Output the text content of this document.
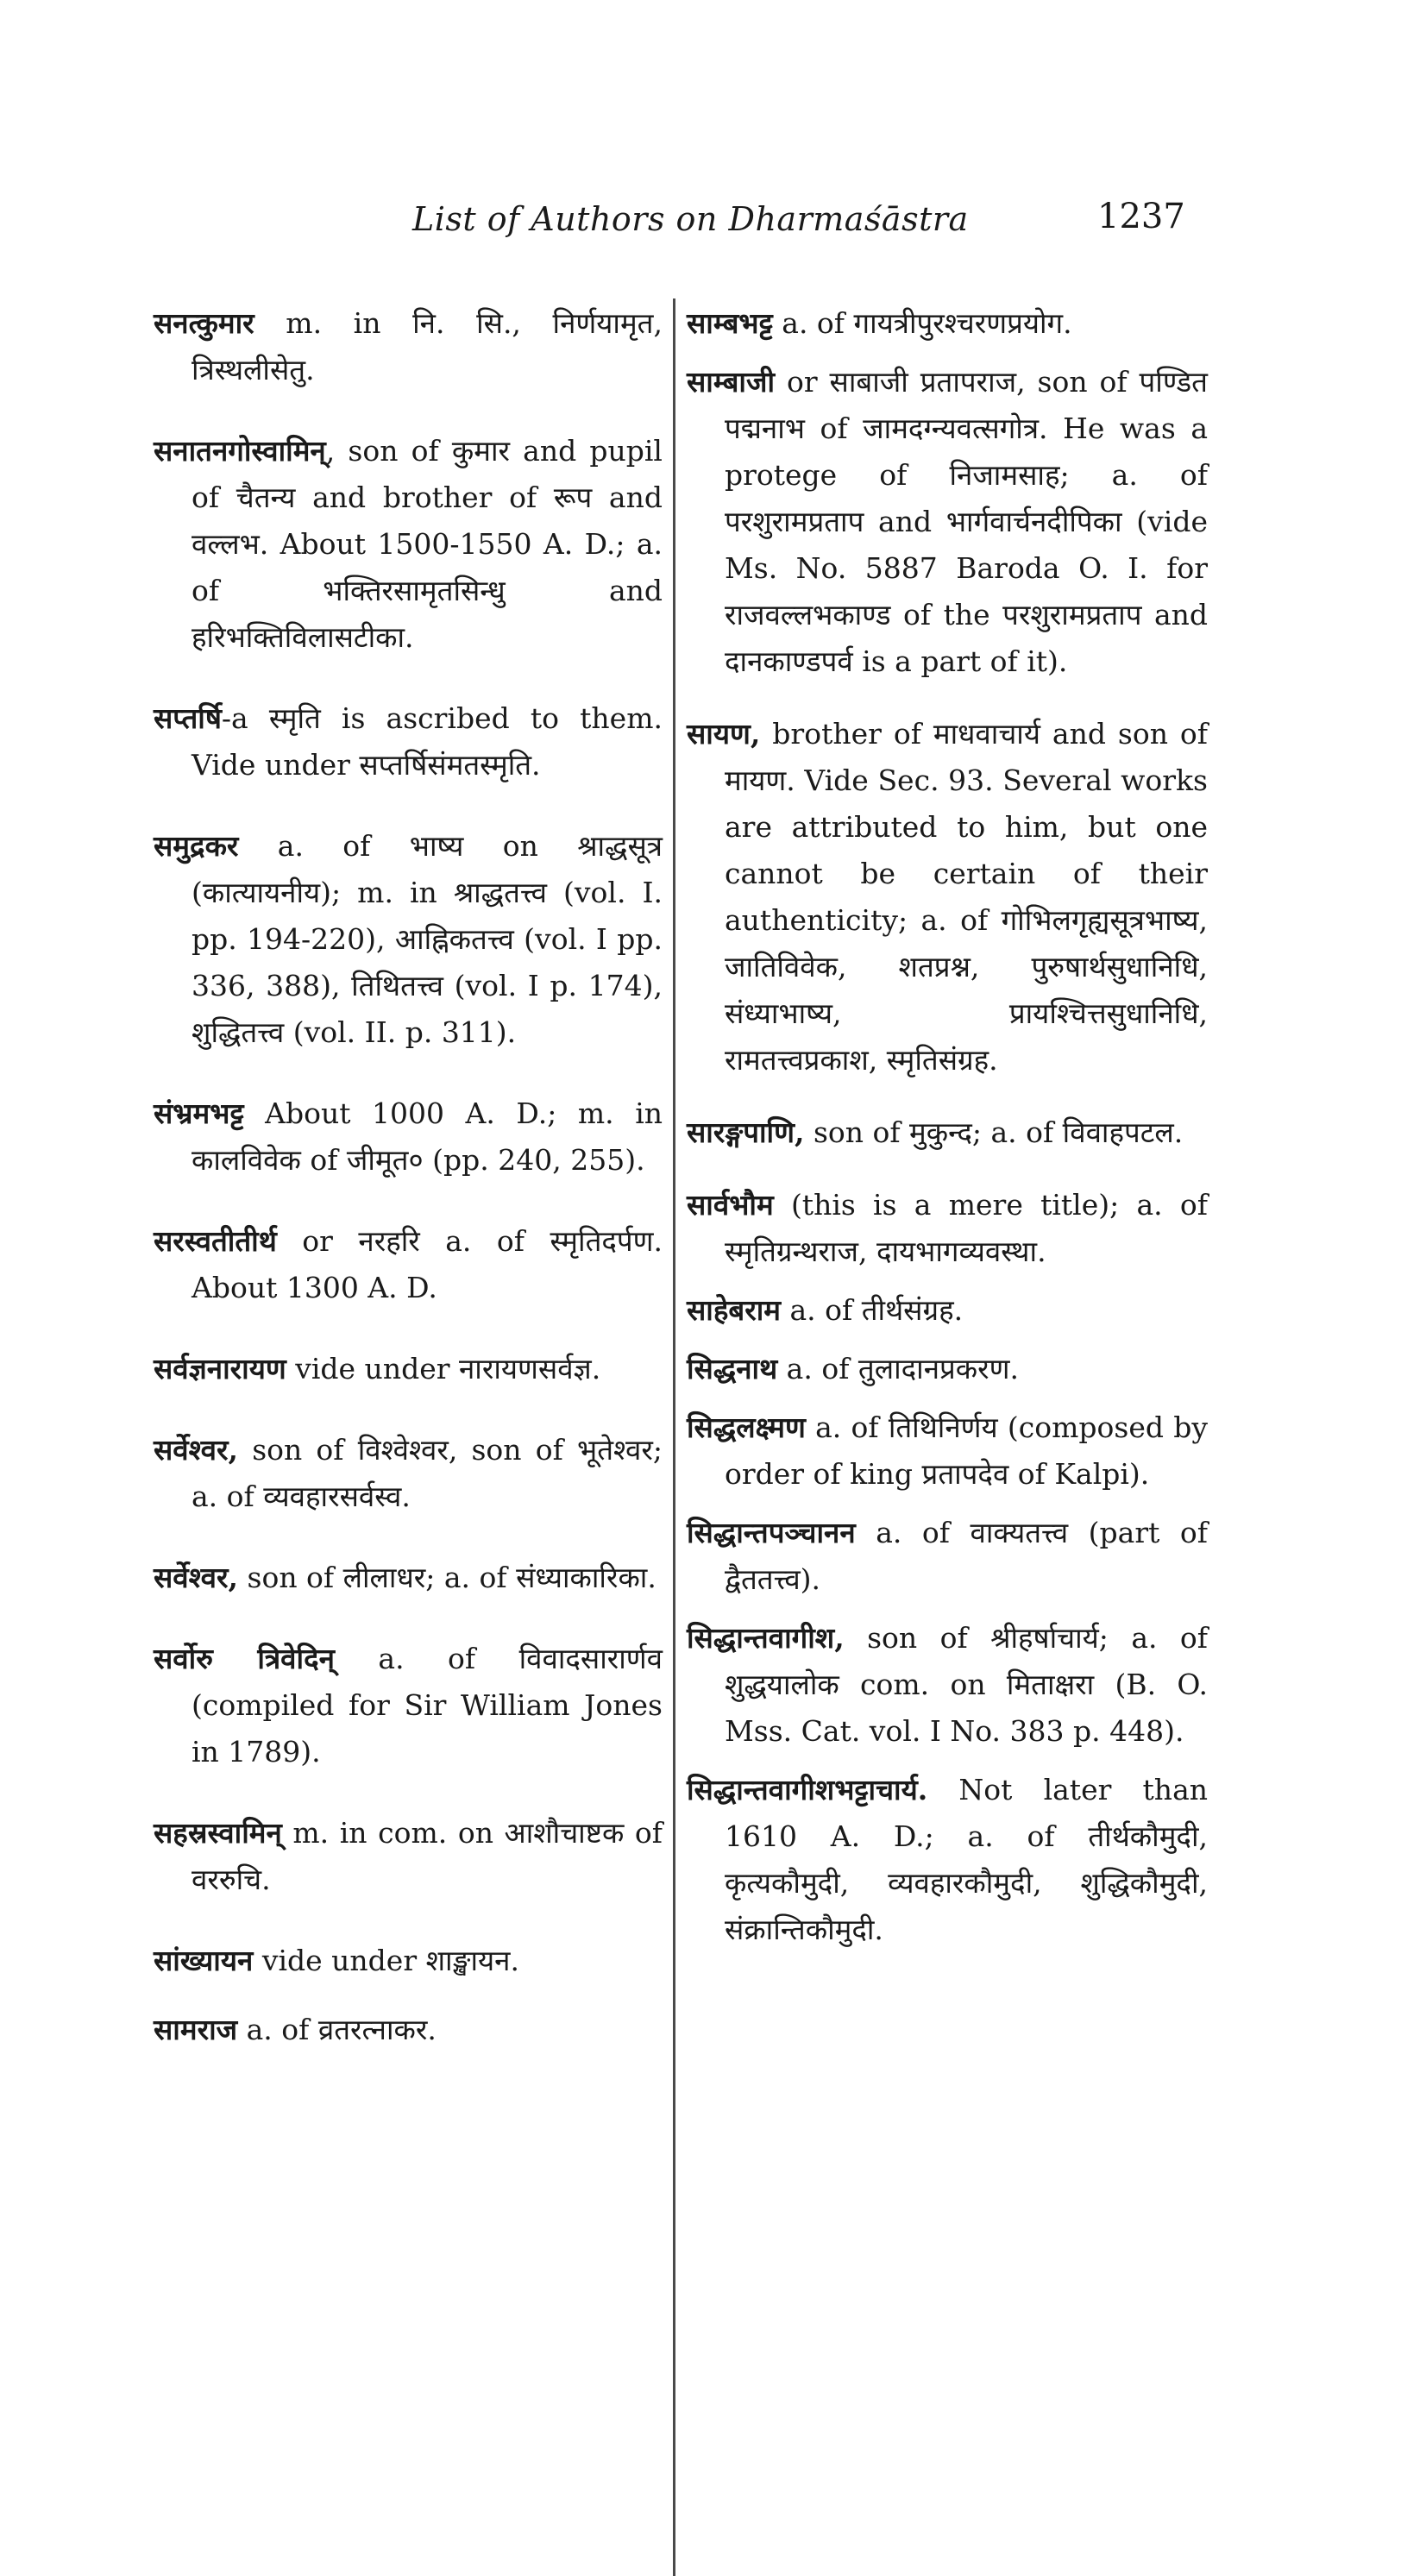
List of Authors on Dharmaśāstra	1237

सनत्कुमार m. in नि. सि., निर्णयामृत, त्रिस्थलीसेतु.

सनातनगोस्वामिन्, son of कुमार and pupil of चैतन्य and brother of रूप and वल्लभ. About 1500-1550 A. D.; a. of भक्तिरसामृतसिन्धु and हरिभक्तिविलासटीका.

सप्तर्षि-a स्मृति is ascribed to them. Vide under सप्तर्षिसंमतस्मृति.

समुद्रकर a. of भाष्य on श्राद्धसूत्र (कात्यायनीय); m. in श्राद्धतत्त्व (vol. I. pp. 194-220), आह्निकतत्त्व (vol. I pp. 336, 388), तिथितत्त्व (vol. I p. 174), शुद्धितत्त्व (vol. II. p. 311).

संभ्रमभट्ट About 1000 A. D.; m. in कालविवेक of जीमूत० (pp. 240, 255).

सरस्वतीतीर्थ or नरहरि a. of स्मृतिदर्पण. About 1300 A. D.

सर्वज्ञनारायण vide under नारायणसर्वज्ञ.

सर्वेश्वर, son of विश्वेश्वर, son of भूतेश्वर; a. of व्यवहारसर्वस्व.

सर्वेश्वर, son of लीलाधर; a. of संध्याकारिका.

सर्वोरु त्रिवेदिन् a. of विवादसारार्णव (compiled for Sir William Jones in 1789).

सहस्रस्वामिन् m. in com. on आशौचाष्टक of वररुचि.

सांख्यायन vide under शाङ्खायन.

सामराज a. of व्रतरत्नाकर.

साम्बभट्ट a. of गायत्रीपुरश्चरणप्रयोग.

साम्बाजी or साबाजी प्रतापराज, son of पण्डित पद्मनाभ of जामदग्न्यवत्सगोत्र. He was a protege of निजामसाह; a. of परशुरामप्रताप and भार्गवार्चनदीपिका (vide Ms. No. 5887 Baroda O. I. for राजवल्लभकाण्ड of the परशुरामप्रताप and दानकाण्डपर्व is a part of it).

सायण, brother of माधवाचार्य and son of मायण. Vide Sec. 93. Several works are attributed to him, but one cannot be certain of their authenticity; a. of गोभिलगृह्यसूत्रभाष्य, जातिविवेक, शतप्रश्न, पुरुषार्थसुधानिधि, संध्याभाष्य, प्रायश्चित्तसुधानिधि, रामतत्त्वप्रकाश, स्मृतिसंग्रह.

सारङ्गपाणि, son of मुकुन्द; a. of विवाहपटल.

सार्वभौम (this is a mere title); a. of स्मृतिग्रन्थराज, दायभागव्यवस्था.

साहेबराम a. of तीर्थसंग्रह.

सिद्धनाथ a. of तुलादानप्रकरण.

सिद्धलक्ष्मण a. of तिथिनिर्णय (composed by order of king प्रतापदेव of Kalpi).

सिद्धान्तपञ्चानन a. of वाक्यतत्त्व (part of द्वैततत्त्व).

सिद्धान्तवागीश, son of श्रीहर्षाचार्य; a. of शुद्धयालोक com. on मिताक्षरा (B. O. Mss. Cat. vol. I No. 383 p. 448).

सिद्धान्तवागीशभट्टाचार्य. Not later than 1610 A. D.; a. of तीर्थकौमुदी, कृत्यकौमुदी, व्यवहारकौमुदी, शुद्धिकौमुदी, संक्रान्तिकौमुदी.
